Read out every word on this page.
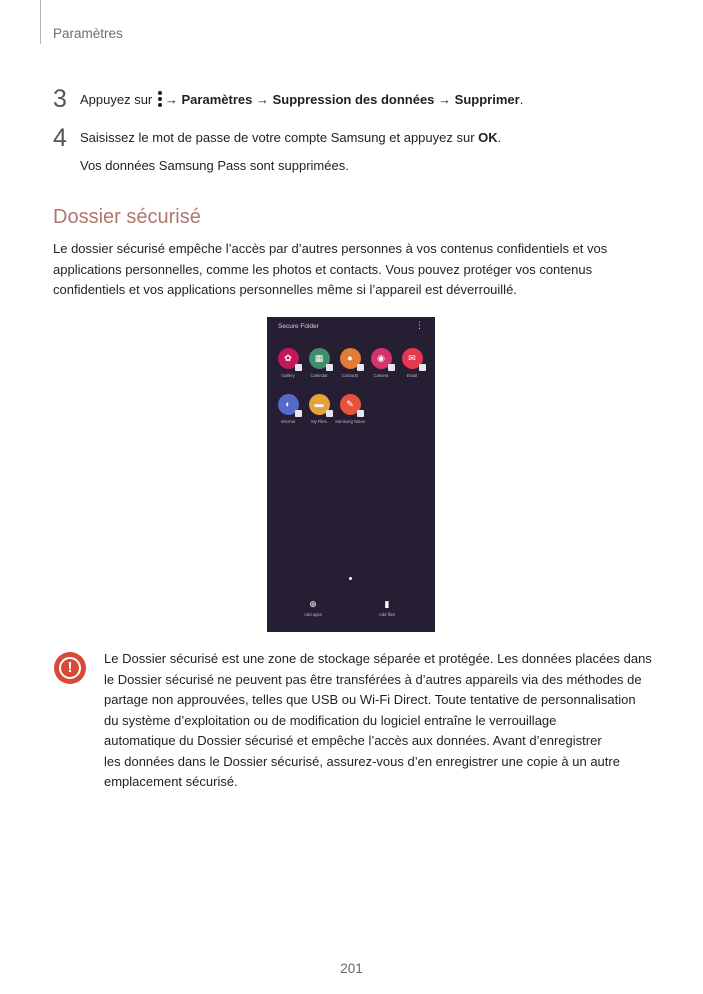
Paramètres
3 Appuyez sur → Paramètres → Suppression des données → Supprimer.
4 Saisissez le mot de passe de votre compte Samsung et appuyez sur OK.
Vos données Samsung Pass sont supprimées.
Dossier sécurisé
Le dossier sécurisé empêche l’accès par d’autres personnes à vos contenus confidentiels et vos
applications personnelles, comme les photos et contacts. Vous pouvez protéger vos contenus
confidentiels et vos applications personnelles même si l’appareil est déverrouillé.
Secure Folder	⋮
✿
Gallery
▦
Calendar
●
Contacts
◉
Camera
✉
Email
◐
Internet
▬
My Files
✎
Samsung Notes
⊕
Add apps
▮
Add files
!
Le Dossier sécurisé est une zone de stockage séparée et protégée. Les données placées dans
le Dossier sécurisé ne peuvent pas être transférées à d’autres appareils via des méthodes de
partage non approuvées, telles que USB ou Wi-Fi Direct. Toute tentative de personnalisation
du système d’exploitation ou de modification du logiciel entraîne le verrouillage
automatique du Dossier sécurisé et empêche l’accès aux données. Avant d’enregistrer
les données dans le Dossier sécurisé, assurez-vous d’en enregistrer une copie à un autre
emplacement sécurisé.
201
